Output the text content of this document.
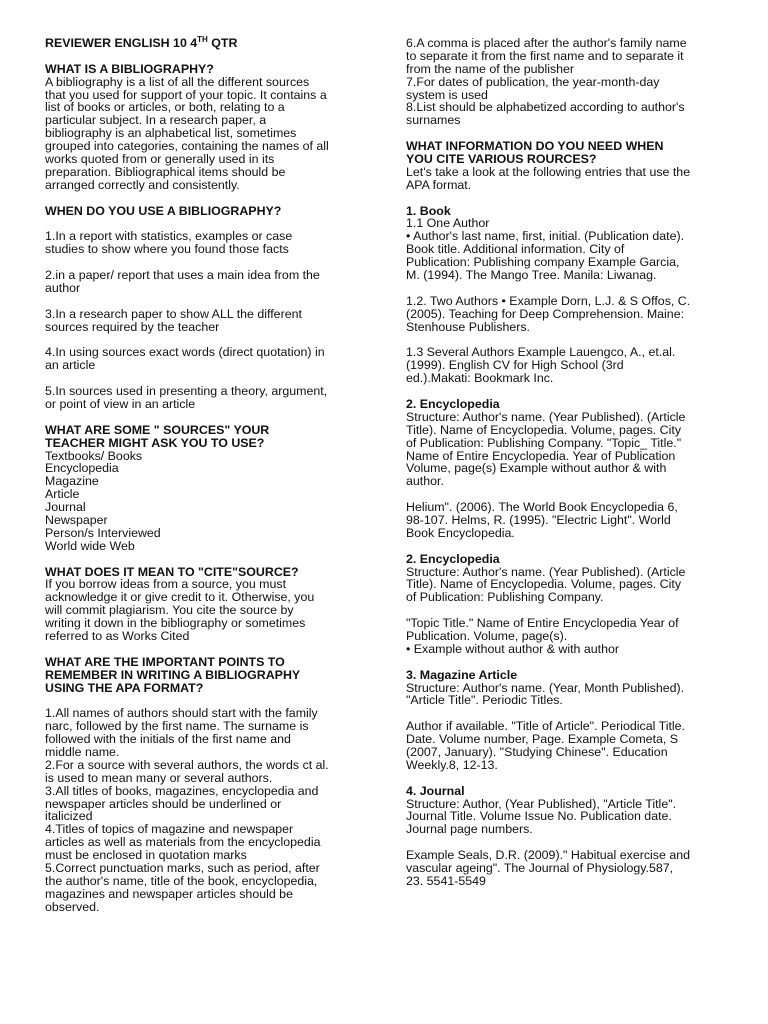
REVIEWER ENGLISH 10 4TH QTR
WHAT IS A BIBLIOGRAPHY?
A bibliography is a list of all the different sources
that you used for support of your topic. It contains a
list of books or articles, or both, relating to a
particular subject. In a research paper, a
bibliography is an alphabetical list, sometimes
grouped into categories, containing the names of all
works quoted from or generally used in its
preparation. Bibliographical items should be
arranged correctly and consistently.
WHEN DO YOU USE A BIBLIOGRAPHY?
1.In a report with statistics, examples or case
studies to show where you found those facts
2.in a paper/ report that uses a main idea from the
author
3.In a research paper to show ALL the different
sources required by the teacher
4.In using sources exact words (direct quotation) in
an article
5.In sources used in presenting a theory, argument,
or point of view in an article
WHAT ARE SOME " SOURCES" YOUR
TEACHER MIGHT ASK YOU TO USE?
Textbooks/ Books
Encyclopedia
Magazine
Article
Journal
Newspaper
Person/s Interviewed
World wide Web
WHAT DOES IT MEAN TO "CITE"SOURCE?
If you borrow ideas from a source, you must
acknowledge it or give credit to it. Otherwise, you
will commit plagiarism. You cite the source by
writing it down in the bibliography or sometimes
referred to as Works Cited
WHAT ARE THE IMPORTANT POINTS TO
REMEMBER IN WRITING A BIBLIOGRAPHY
USING THE APA FORMAT?
1.All names of authors should start with the family
narc, followed by the first name. The surname is
followed with the initials of the first name and
middle name.
2.For a source with several authors, the words ct al.
is used to mean many or several authors.
3.All titles of books, magazines, encyclopedia and
newspaper articles should be underlined or
italicized
4.Titles of topics of magazine and newspaper
articles as well as materials from the encyclopedia
must be enclosed in quotation marks
5.Correct punctuation marks, such as period, after
the author's name, title of the book, encyclopedia,
magazines and newspaper articles should be
observed.
6.A comma is placed after the author's family name
to separate it from the first name and to separate it
from the name of the publisher
7.For dates of publication, the year-month-day
system is used
8.List should be alphabetized according to author's
surnames
WHAT INFORMATION DO YOU NEED WHEN
YOU CITE VARIOUS ROURCES?
Let's take a look at the following entries that use the
APA format.
1. Book
1.1 One Author
• Author's last name, first, initial. (Publication date).
Book title. Additional information. City of
Publication: Publishing company Example Garcia,
M. (1994). The Mango Tree. Manila: Liwanag.
1.2. Two Authors • Example Dorn, L.J. & S Offos, C.
(2005). Teaching for Deep Comprehension. Maine:
Stenhouse Publishers.
1.3 Several Authors Example Lauengco, A., et.al.
(1999). English CV for High School (3rd
ed.).Makati: Bookmark Inc.
2. Encyclopedia
Structure: Author's name. (Year Published). (Article
Title). Name of Encyclopedia. Volume, pages. City
of Publication: Publishing Company. "Topic_ Title."
Name of Entire Encyclopedia. Year of Publication
Volume, page(s) Example without author & with
author.
Helium". (2006). The World Book Encyclopedia 6,
98-107. Helms, R. (1995). "Electric Light". World
Book Encyclopedia.
2. Encyclopedia
Structure: Author's name. (Year Published). (Article
Title). Name of Encyclopedia. Volume, pages. City
of Publication: Publishing Company.
"Topic Title." Name of Entire Encyclopedia Year of
Publication. Volume, page(s).
• Example without author & with author
3. Magazine Article
Structure: Author's name. (Year, Month Published).
"Article Title". Periodic Titles.
Author if available. "Title of Article". Periodical Title.
Date. Volume number, Page. Example Cometa, S
(2007, January). "Studying Chinese". Education
Weekly.8, 12-13.
4. Journal
Structure: Author, (Year Published), "Article Title".
Journal Title. Volume Issue No. Publication date.
Journal page numbers.
Example Seals, D.R. (2009)." Habitual exercise and
vascular ageing". The Journal of Physiology.587,
23. 5541-5549
